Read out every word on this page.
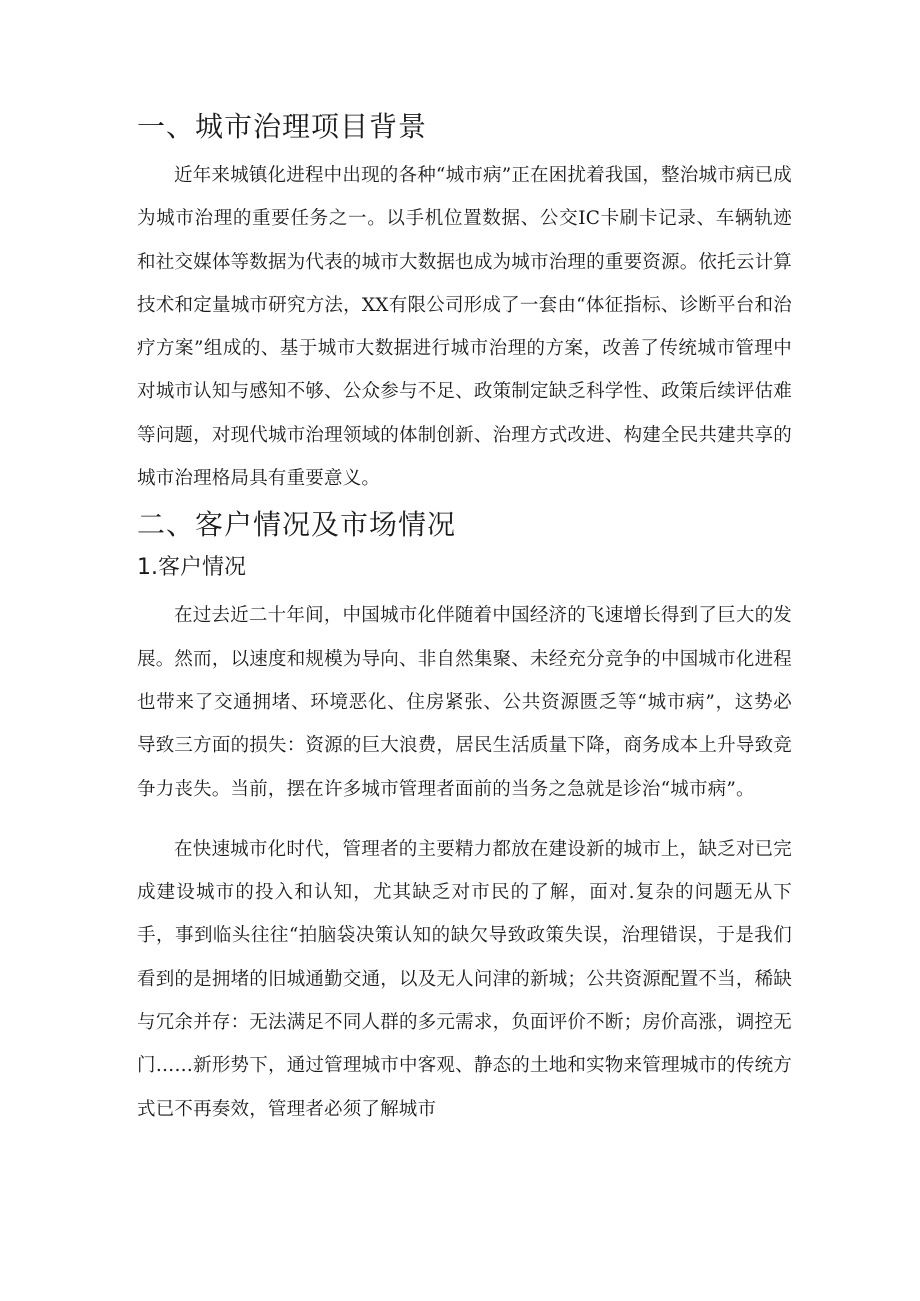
一、城市治理项目背景

近年来城镇化进程中出现的各种“城市病”正在困扰着我国，整治城市病已成为城市治理的重要任务之一。以手机位置数据、公交IC卡刷卡记录、车辆轨迹和社交媒体等数据为代表的城市大数据也成为城市治理的重要资源。依托云计算技术和定量城市研究方法，XX有限公司形成了一套由“体征指标、诊断平台和治疗方案”组成的、基于城市大数据进行城市治理的方案，改善了传统城市管理中对城市认知与感知不够、公众参与不足、政策制定缺乏科学性、政策后续评估难等问题，对现代城市治理领域的体制创新、治理方式改进、构建全民共建共享的城市治理格局具有重要意义。

二、客户情况及市场情况
1.客户情况

在过去近二十年间，中国城市化伴随着中国经济的飞速增长得到了巨大的发展。然而，以速度和规模为导向、非自然集聚、未经充分竞争的中国城市化进程也带来了交通拥堵、环境恶化、住房紧张、公共资源匮乏等“城市病”，这势必导致三方面的损失：资源的巨大浪费，居民生活质量下降，商务成本上升导致竞争力丧失。当前，摆在许多城市管理者面前的当务之急就是诊治“城市病”。

在快速城市化时代，管理者的主要精力都放在建设新的城市上，缺乏对已完成建设城市的投入和认知，尤其缺乏对市民的了解，面对.复杂的问题无从下手，事到临头往往“拍脑袋决策认知的缺欠导致政策失误，治理错误，于是我们看到的是拥堵的旧城通勤交通，以及无人问津的新城；公共资源配置不当，稀缺与冗余并存：无法满足不同人群的多元需求，负面评价不断；房价高涨，调控无门……新形势下，通过管理城市中客观、静态的土地和实物来管理城市的传统方式已不再奏效，管理者必须了解城市
